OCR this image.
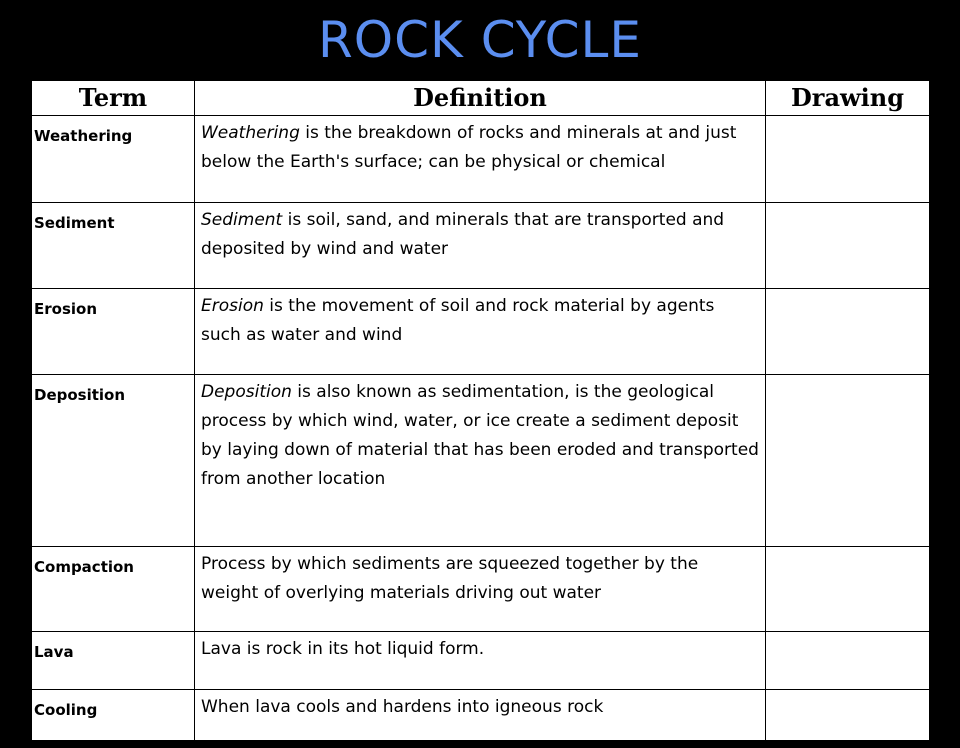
ROCK CYCLE
Term	Definition	Drawing
Weathering	Weathering is the breakdown of rocks and minerals at and just below the Earth's surface; can be physical or chemical	
Sediment	Sediment is soil, sand, and minerals that are transported and deposited by wind and water	
Erosion	Erosion is the movement of soil and rock material by agents such as water and wind	
Deposition	Deposition is also known as sedimentation, is the geological process by which wind, water, or ice create a sediment deposit by laying down of material that has been eroded and transported from another location	
Compaction	Process by which sediments are squeezed together by the weight of overlying materials driving out water	
Lava	Lava is rock in its hot liquid form.	
Cooling	When lava cools and hardens into igneous rock	
